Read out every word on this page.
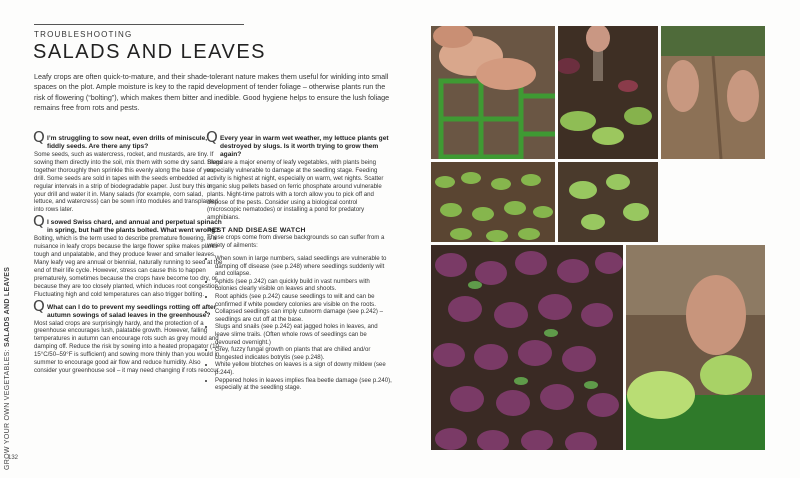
GROW YOUR OWN VEGETABLES: SALADS AND LEAVES
132
TROUBLESHOOTING
SALADS AND LEAVES
Leafy crops are often quick-to-mature, and their shade-tolerant nature makes them useful for winkling into small spaces on the plot. Ample moisture is key to the rapid development of tender foliage – otherwise plants run the risk of flowering (“bolting”), which makes them bitter and inedible. Good hygiene helps to ensure the lush foliage remains free from rots and pests.
Q I’m struggling to sow neat, even drills of miniscule, fiddly seeds. Are there any tips?
Some seeds, such as watercress, rocket, and mustards, are tiny. If sowing them directly into the soil, mix them with some dry sand. Blend together thoroughly then sprinkle this evenly along the base of your drill. Some seeds are sold in tapes with the seeds embedded at regular intervals in a strip of biodegradable paper. Just bury this in your drill and water it in. Many salads (for example, corn salad, lettuce, and watercress) can be sown into modules and transplanted into rows later.
Q I sowed Swiss chard, and annual and perpetual spinach in spring, but half the plants bolted. What went wrong?
Bolting, which is the term used to describe premature flowering, is a nuisance in leafy crops because the large flower spike makes plants tough and unpalatable, and they produce fewer and smaller leaves. Many leafy veg are annual or biennial, naturally running to seed at the end of their life cycle. However, stress can cause this to happen prematurely, sometimes because the crops have become too dry, or because they are too closely planted, which induces root congestion. Fluctuating high and cold temperatures can also trigger bolting.
Q What can I do to prevent my seedlings rotting off after autumn sowings of salad leaves in the greenhouse?
Most salad crops are surprisingly hardy, and the protection of a greenhouse encourages lush, palatable growth. However, falling temperatures in autumn can encourage rots such as grey mould and damping off. Reduce the risk by sowing into a heated propagator (10–15°C/50–59°F is sufficient) and sowing more thinly than you would in summer to encourage good air flow and reduce humidity. Also consider your greenhouse soil – it may need changing if rots reoccur.
Q Every year in warm wet weather, my lettuce plants get destroyed by slugs. Is it worth trying to grow them again?
Slugs are a major enemy of leafy vegetables, with plants being especially vulnerable to damage at the seedling stage. Feeding activity is highest at night, especially on warm, wet nights. Scatter organic slug pellets based on ferric phosphate around vulnerable plants. Night-time patrols with a torch allow you to pick off and dispose of the pests. Consider using a biological control (microscopic nematodes) or installing a pond for predatory amphibians.
PEST AND DISEASE WATCH
These crops come from diverse backgrounds so can suffer from a variety of ailments:
• When sown in large numbers, salad seedlings are vulnerable to damping off disease (see p.248) where seedlings suddenly wilt and collapse.
• Aphids (see p.242) can quickly build in vast numbers with colonies clearly visible on leaves and shoots.
• Root aphids (see p.242) cause seedlings to wilt and can be confirmed if white powdery colonies are visible on the roots.
• Collapsed seedlings can imply cutworm damage (see p.242) – seedlings are cut off at the base.
• Slugs and snails (see p.242) eat jagged holes in leaves, and leave slime trails. (Often whole rows of seedlings can be devoured overnight.)
• Grey, fuzzy fungal growth on plants that are chilled and/or congested indicates botrytis (see p.248).
• White yellow blotches on leaves is a sign of downy mildew (see p.244).
• Peppered holes in leaves implies flea beetle damage (see p.240), especially at the seedling stage.
